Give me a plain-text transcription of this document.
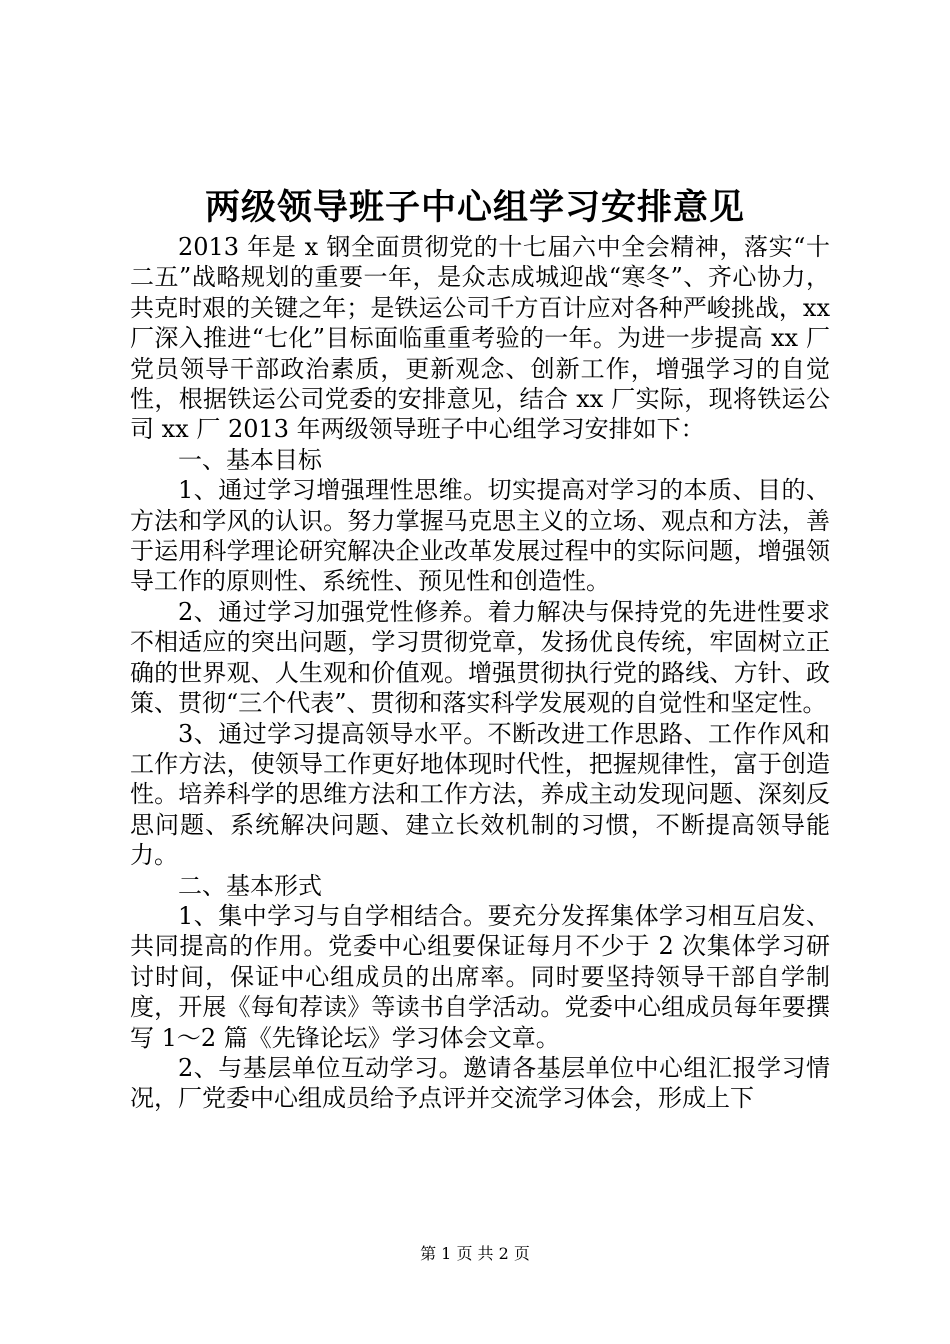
两级领导班子中心组学习安排意见

2013 年是 x 钢全面贯彻党的十七届六中全会精神，落实“十二五”战略规划的重要一年，是众志成城迎战“寒冬”、齐心协力，共克时艰的关键之年；是铁运公司千方百计应对各种严峻挑战，xx 厂深入推进“七化”目标面临重重考验的一年。为进一步提高 xx 厂党员领导干部政治素质，更新观念、创新工作，增强学习的自觉性，根据铁运公司党委的安排意见，结合 xx 厂实际，现将铁运公司 xx 厂 2013 年两级领导班子中心组学习安排如下：

一、基本目标

1、通过学习增强理性思维。切实提高对学习的本质、目的、方法和学风的认识。努力掌握马克思主义的立场、观点和方法，善于运用科学理论研究解决企业改革发展过程中的实际问题，增强领导工作的原则性、系统性、预见性和创造性。

2、通过学习加强党性修养。着力解决与保持党的先进性要求不相适应的突出问题，学习贯彻党章，发扬优良传统，牢固树立正确的世界观、人生观和价值观。增强贯彻执行党的路线、方针、政策、贯彻“三个代表”、贯彻和落实科学发展观的自觉性和坚定性。

3、通过学习提高领导水平。不断改进工作思路、工作作风和工作方法，使领导工作更好地体现时代性，把握规律性，富于创造性。培养科学的思维方法和工作方法，养成主动发现问题、深刻反思问题、系统解决问题、建立长效机制的习惯，不断提高领导能力。

二、基本形式

1、集中学习与自学相结合。要充分发挥集体学习相互启发、共同提高的作用。党委中心组要保证每月不少于 2 次集体学习研讨时间，保证中心组成员的出席率。同时要坚持领导干部自学制度，开展《每旬荐读》等读书自学活动。党委中心组成员每年要撰写 1～2 篇《先锋论坛》学习体会文章。

2、与基层单位互动学习。邀请各基层单位中心组汇报学习情况，厂党委中心组成员给予点评并交流学习体会，形成上下

第 1 页 共 2 页
